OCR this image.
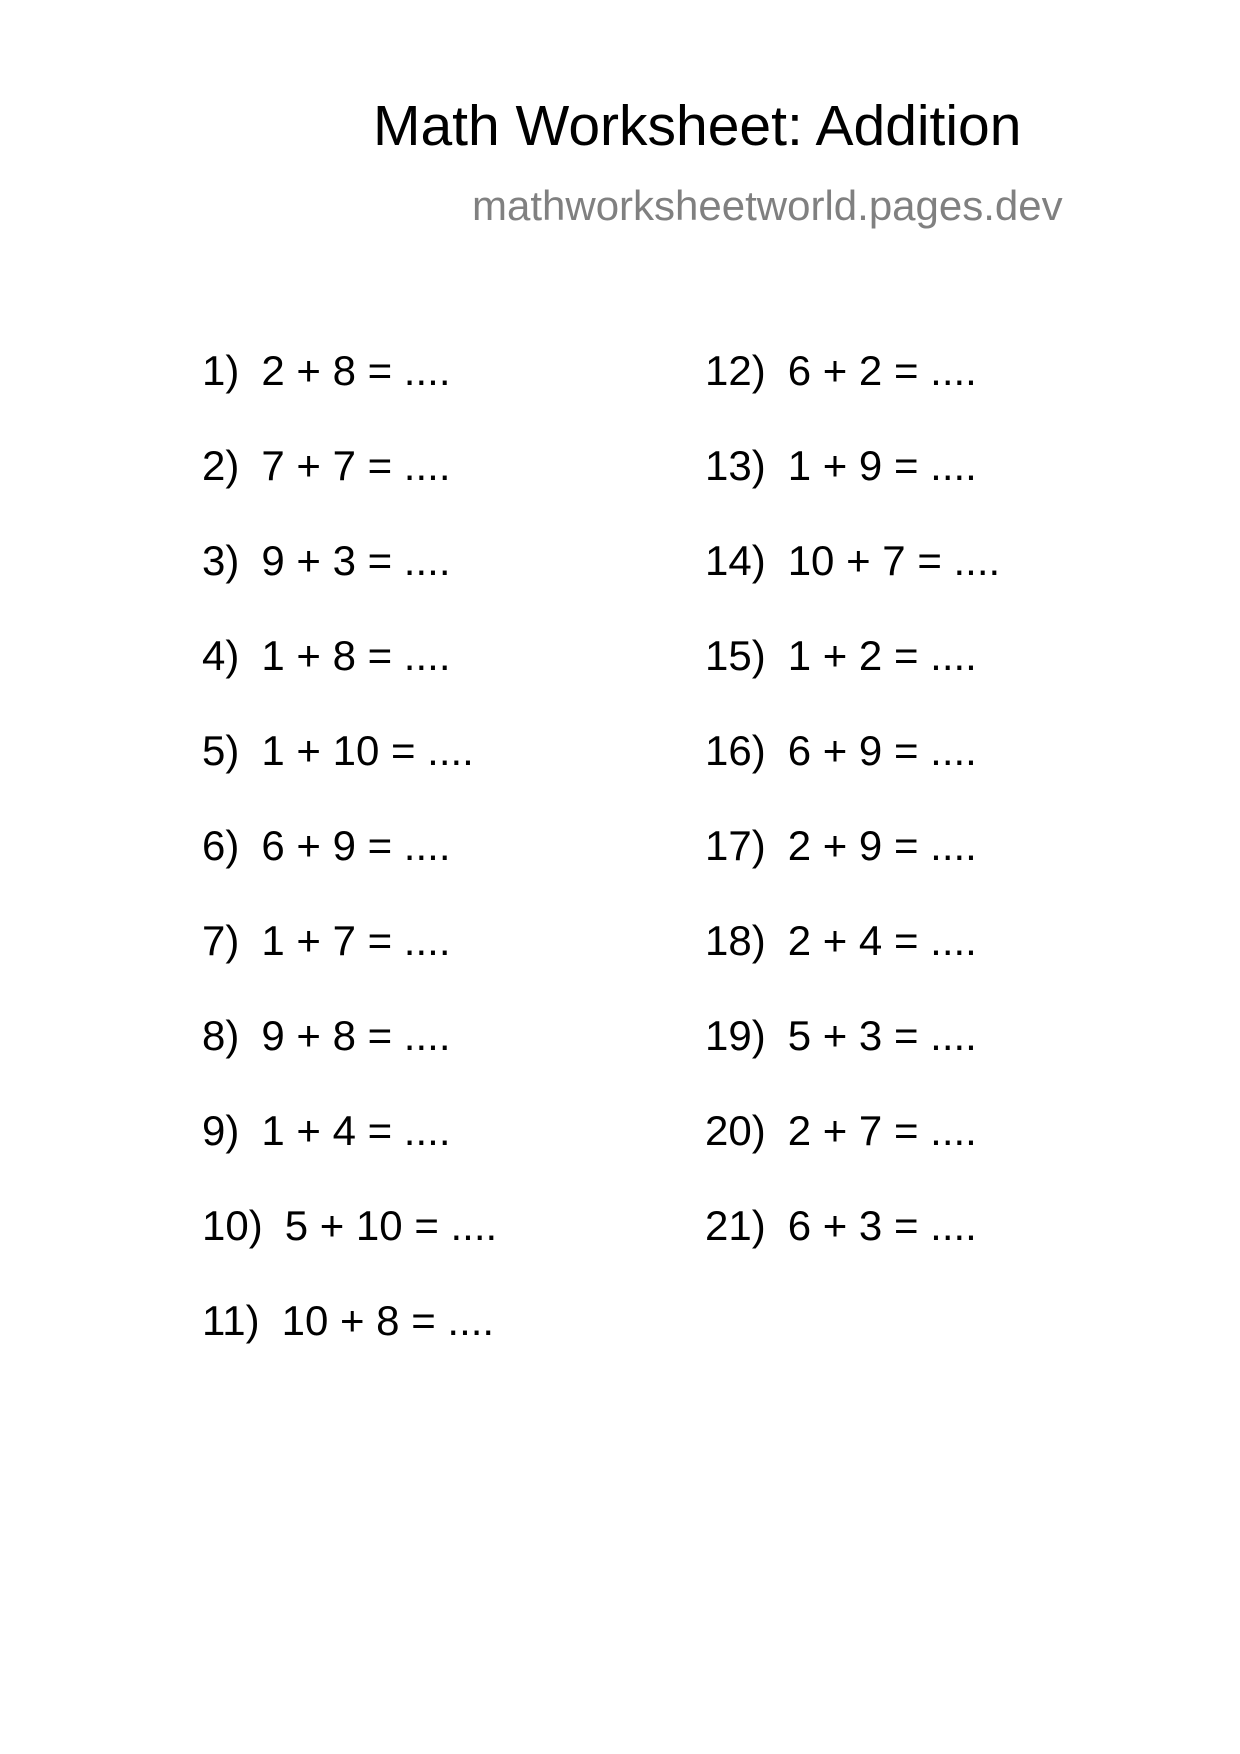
Math Worksheet: Addition
mathworksheetworld.pages.dev
1) 2 + 8 = ....
2) 7 + 7 = ....
3) 9 + 3 = ....
4) 1 + 8 = ....
5) 1 + 10 = ....
6) 6 + 9 = ....
7) 1 + 7 = ....
8) 9 + 8 = ....
9) 1 + 4 = ....
10) 5 + 10 = ....
11) 10 + 8 = ....
12) 6 + 2 = ....
13) 1 + 9 = ....
14) 10 + 7 = ....
15) 1 + 2 = ....
16) 6 + 9 = ....
17) 2 + 9 = ....
18) 2 + 4 = ....
19) 5 + 3 = ....
20) 2 + 7 = ....
21) 6 + 3 = ....
